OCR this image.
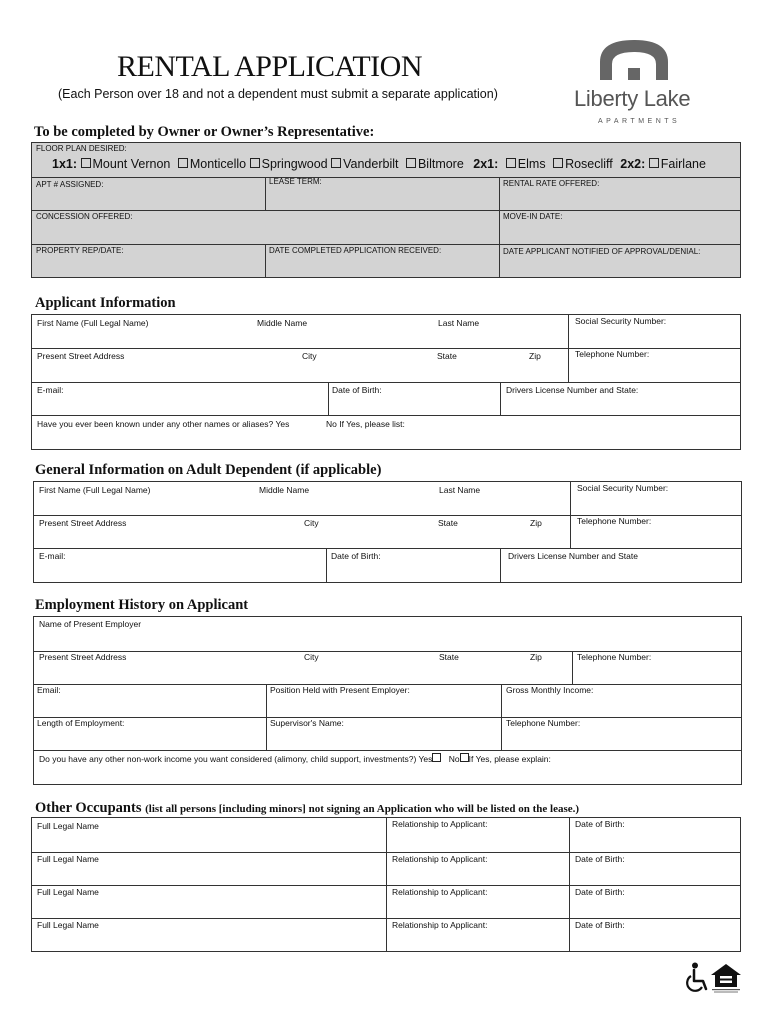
RENTAL APPLICATION
(Each Person over 18 and not a dependent must submit a separate application)	Liberty Lake
APARTMENTS
To be completed by Owner or Owner’s Representative:
FLOOR PLAN DESIRED:
APT # ASSIGNED:	LEASE TERM:	RENTAL RATE OFFERED:
CONCESSION OFFERED:	MOVE-IN DATE:
PROPERTY REP/DATE:	DATE COMPLETED APPLICATION RECEIVED:	DATE APPLICANT NOTIFIED OF APPROVAL/DENIAL:
1x1: Mount Vernon Monticello Springwood Vanderbilt Biltmore 2x1: Elms Rosecliff 2x2: Fairlane
Applicant Information
First Name (Full Legal Name)	Middle Name	Last Name	Social Security Number:
Present Street Address	City	State	Zip	Telephone Number:
E-mail:	Date of Birth:	Drivers License Number and State:
Have you ever been known under any other names or aliases? Yes	No If Yes, please list:
General Information on Adult Dependent (if applicable)
First Name (Full Legal Name)	Middle Name	Last Name	Social Security Number:
Present Street Address	City	State	Zip	Telephone Number:
E-mail:	Date of Birth:	Drivers License Number and State
Employment History on Applicant
Name of Present Employer
Present Street Address	City	State	Zip	Telephone Number:
Email:	Position Held with Present Employer:	Gross Monthly Income:
Length of Employment:	Supervisor's Name:	Telephone Number:
Do you have any other non-work income you want considered (alimony, child support, investments?) Yes No If Yes, please explain:
Other Occupants (list all persons [including minors] not signing an Application who will be listed on the lease.)
Full Legal Name	Relationship to Applicant:	Date of Birth:
Full Legal Name	Relationship to Applicant:	Date of Birth:
Full Legal Name	Relationship to Applicant:	Date of Birth:
Full Legal Name	Relationship to Applicant:	Date of Birth:
